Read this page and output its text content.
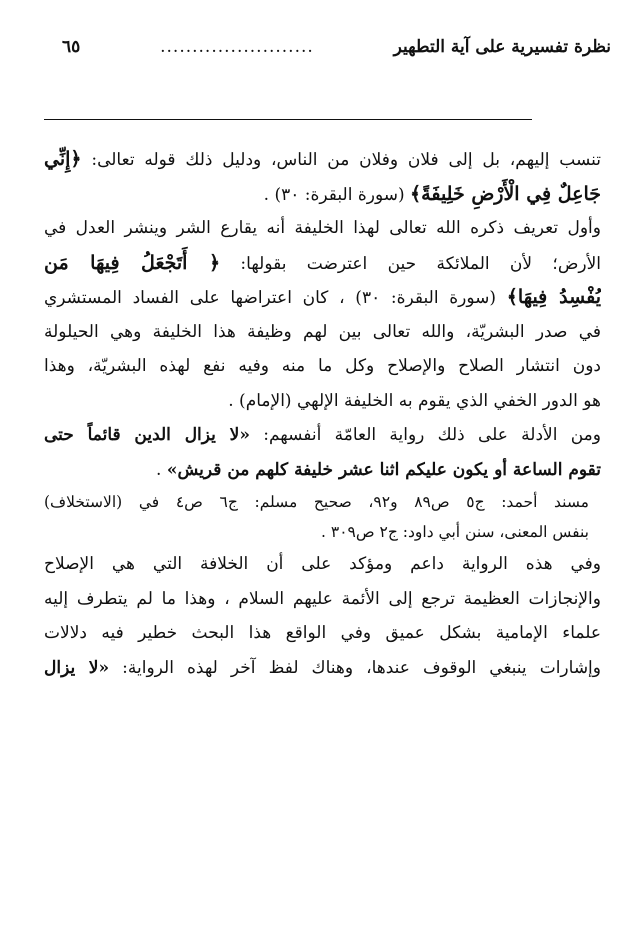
نظرة تفسيرية على آية التطهير
........................
٦٥
تنسب إليهم، بل إلى فلان وفلان من الناس، ودليل ذلك قوله تعالى: ﴿إِنِّي
جَاعِلٌ فِي الْأَرْضِ خَلِيفَةً﴾ (سورة البقرة: ٣٠) .
وأول تعريف ذكره الله تعالى لهذا الخليفة أنه يقارع الشر وينشر العدل في
الأرض؛ لأن الملائكة حين اعترضت بقولها: ﴿ أَتَجْعَلُ فِيهَا مَن
يُفْسِدُ فِيهَا﴾ (سورة البقرة: ٣٠) ، كان اعتراضها على الفساد المستشري
في صدر البشريّة، والله تعالى بين لهم وظيفة هذا الخليفة وهي الحيلولة
دون انتشار الصلاح والإصلاح وكل ما منه وفيه نفع لهذه البشريّة، وهذا
هو الدور الخفي الذي يقوم به الخليفة الإلهي (الإمام) .
ومن الأدلة على ذلك رواية العامّة أنفسهم: «لا يزال الدين قائماً حتى
تقوم الساعة أو يكون عليكم اثنا عشر خليفة كلهم من قريش» .
مسند أحمد: ج٥ ص٨٩ و٩٢، صحيح مسلم: ج٦ ص٤ في (الاستخلاف)
بنفس المعنى، سنن أبي داود: ج٢ ص٣٠٩ .
وفي هذه الرواية داعم ومؤكد على أن الخلافة التي هي الإصلاح
والإنجازات العظيمة ترجع إلى الأئمة عليهم السلام ، وهذا ما لم يتطرف إليه
علماء الإمامية بشكل عميق وفي الواقع هذا البحث خطير فيه دلالات
وإشارات ينبغي الوقوف عندها، وهناك لفظ آخر لهذه الرواية: «لا يزال
